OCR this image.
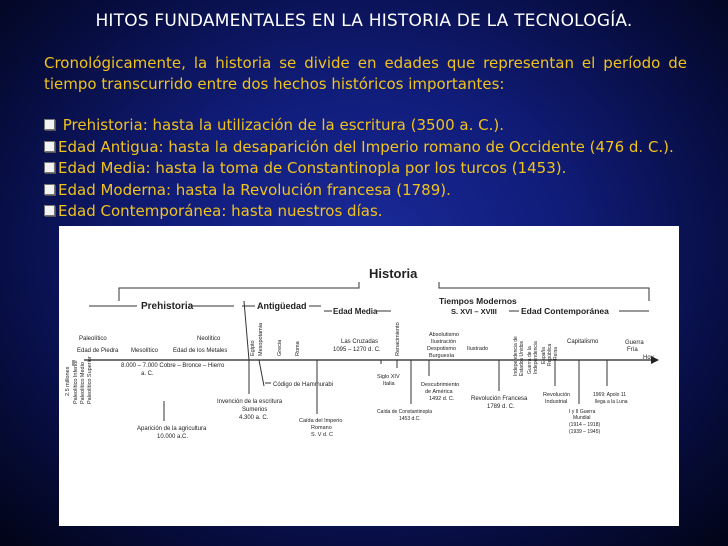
HITOS FUNDAMENTALES EN LA HISTORIA DE LA TECNOLOGÍA.
Cronológicamente, la historia se divide en edades que representan el período de tiempo transcurrido entre dos hechos históricos importantes:
Prehistoria: hasta la utilización de la escritura (3500 a. C.).
Edad Antigua: hasta la desaparición del Imperio romano de Occidente (476 d. C.).
Edad Media: hasta la toma de Constantinopla por los turcos (1453).
Edad Moderna: hasta la Revolución francesa (1789).
Edad Contemporánea: hasta nuestros días.
Historia
Prehistoria	Antigüedad
Edad Media
Tiempos Modernos
S. XVI – XVIII	Edad Contemporánea
Paleolítico	Neolítico
Edad de Piedra Mesolítico Edad de los Metales
8.000 – 7.000 Cobre – Bronce – Hierro
a. C.
2.5 millones Paleolítico Inferior Paleolítico Medio Paleolítico Superior
Aparición de la agricultura
10.000 a.C.
Egipto Mesopotamia Grecia Roma
Código de Hammurabi
Invención de la escritura
Sumerios
4.300 a. C.	Caída del Imperio
Romano
S. V d. C
Las Cruzadas
1095 – 1270 d. C.	Renacimiento
Siglo XIV
Italia
Caída de Constantinopla
1453 d.C.
Absolutismo
Ilustración
Despotismo Ilustrado
Burguesía
Descubrimiento
de América
1492 d. C.	Revolución Francesa
1789 d. C.
Independencia de Estados Unidos Guerra de la Independencia España República Reina
Capitalismo	Guerra
Fría
Hoy
Revolución
Industrial
1969: Apolo 11
llega a la Luna
I y II Guerra
Mundial
(1914 – 1918)
(1939 – 1945)
11
